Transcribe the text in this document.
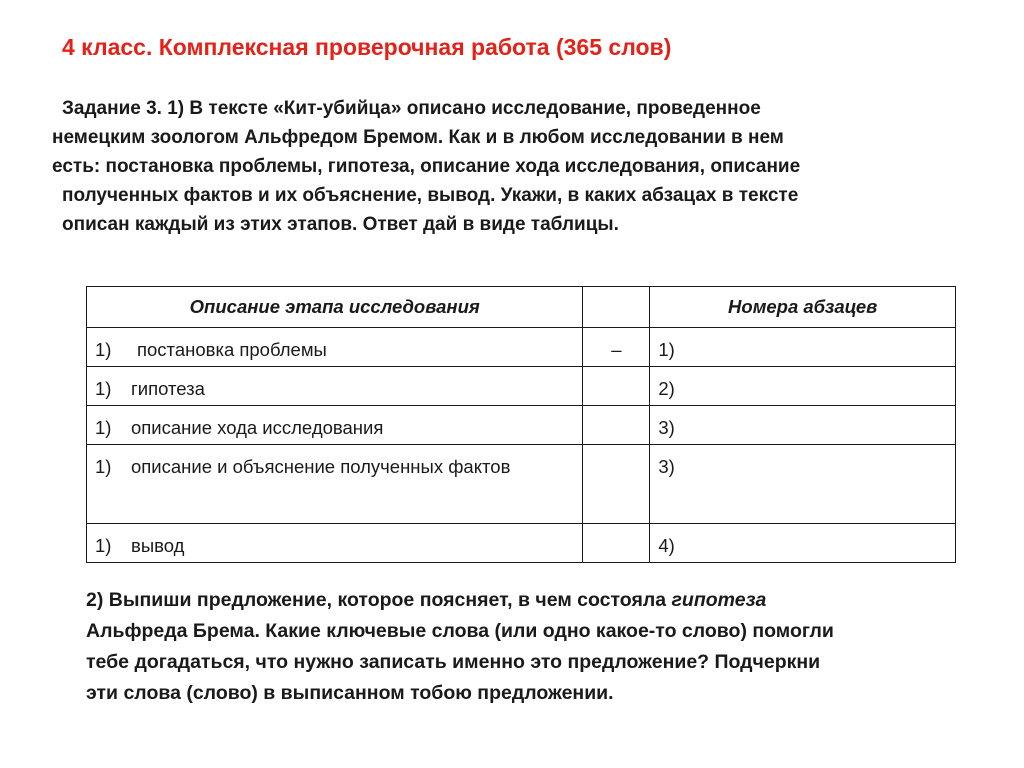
4 класс. Комплексная проверочная работа (365 слов)
Задание 3. 1) В тексте «Кит-убийца» описано исследование, проведенное
немецким зоологом Альфредом Бремом. Как и в любом исследовании в нем
есть: постановка проблемы, гипотеза, описание хода исследования, описание
полученных фактов и их объяснение, вывод. Укажи, в каких абзацах в тексте
описан каждый из этих этапов. Ответ дай в виде таблицы.
Описание этапа исследования		Номера абзацев

1) постановка проблемы	–	1)

1) гипотеза		2)

1) описание хода исследования		3)

1) описание и объяснение полученных фактов		3)

1) вывод		4)
2) Выпиши предложение, которое поясняет, в чем состояла гипотеза
Альфреда Брема. Какие ключевые слова (или одно какое-то слово) помогли
тебе догадаться, что нужно записать именно это предложение? Подчеркни
эти слова (слово) в выписанном тобою предложении.
